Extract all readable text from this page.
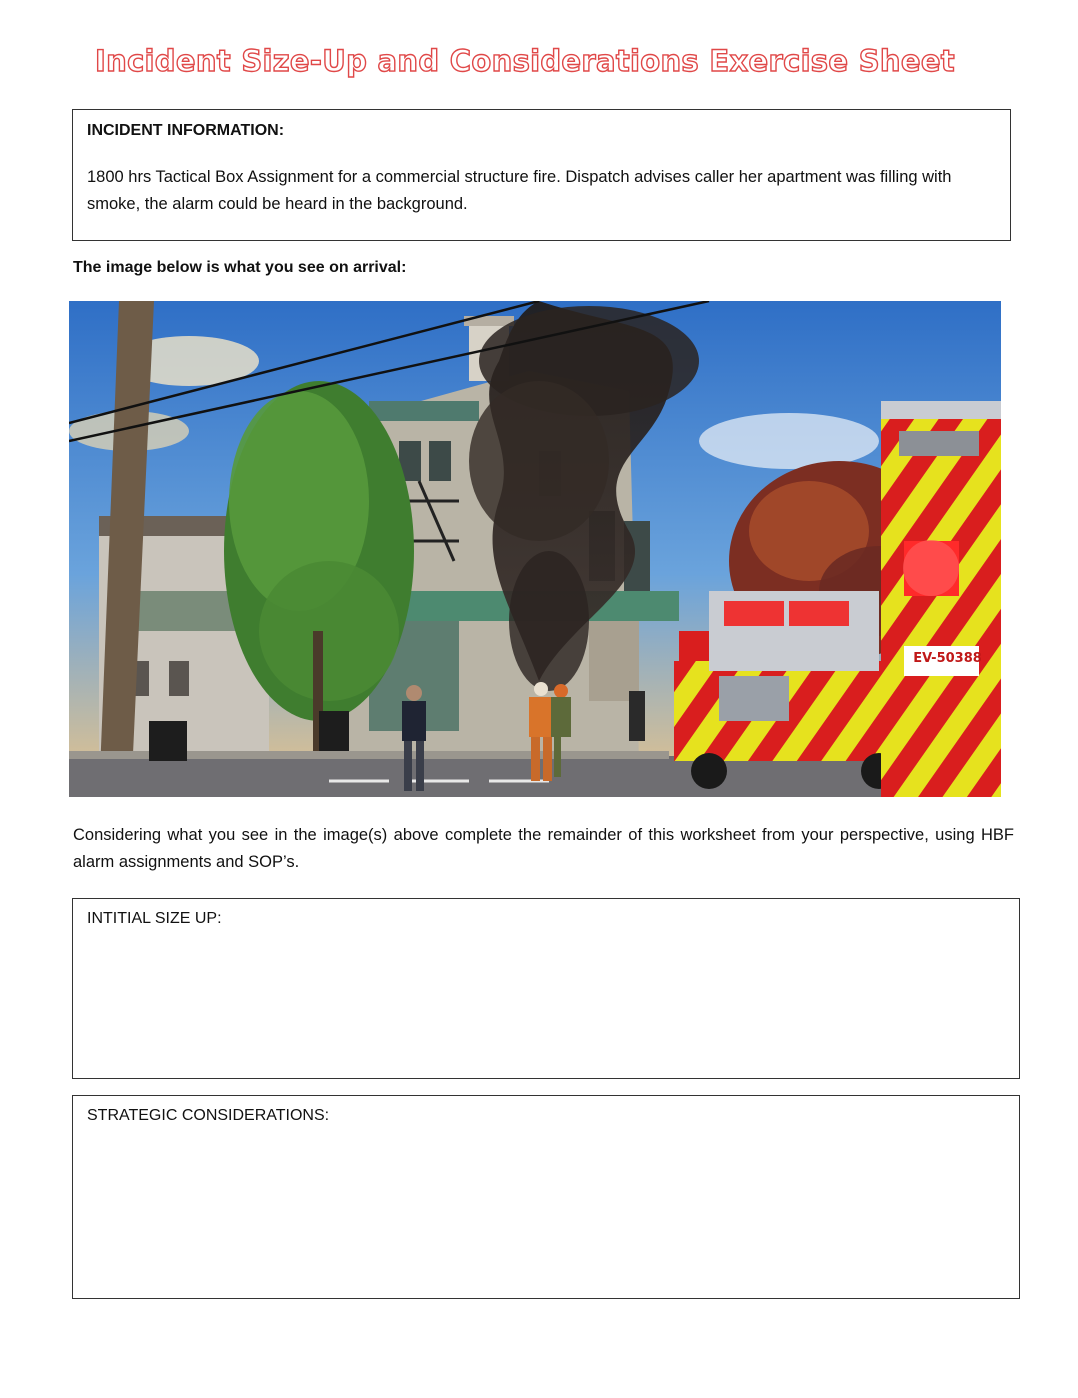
Incident Size-Up and Considerations Exercise Sheet
INCIDENT INFORMATION:
1800 hrs Tactical Box Assignment for a commercial structure fire. Dispatch advises caller her apartment was filling with smoke, the alarm could be heard in the background.
The image below is what you see on arrival:
EV-50388
Considering what you see in the image(s) above complete the remainder of this worksheet from your perspective, using HBF alarm assignments and SOP’s.
INTITIAL SIZE UP:
STRATEGIC CONSIDERATIONS:
